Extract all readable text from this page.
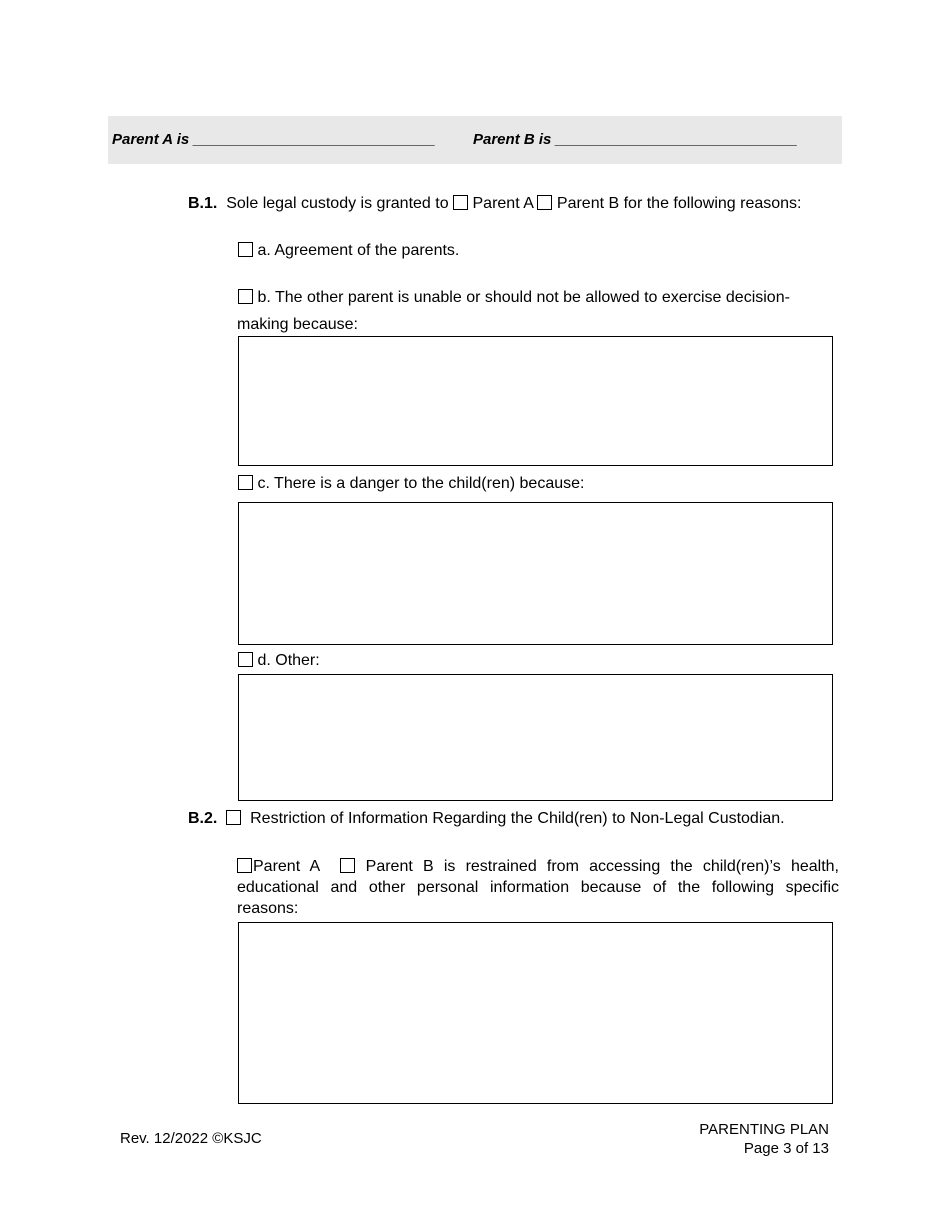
Parent A is _____________________________	Parent B is _____________________________
B.1. Sole legal custody is granted to Parent A Parent B for the following reasons:
a. Agreement of the parents.
b. The other parent is unable or should not be allowed to exercise decision-
making because:
c. There is a danger to the child(ren) because:
d. Other:
B.2. Restriction of Information Regarding the Child(ren) to Non-Legal Custodian.
Parent A	Parent B is restrained from accessing the child(ren)’s health, educational and other personal information because of the following specific reasons:
Rev. 12/2022 ©KSJC
PARENTING PLAN
Page 3 of 13
